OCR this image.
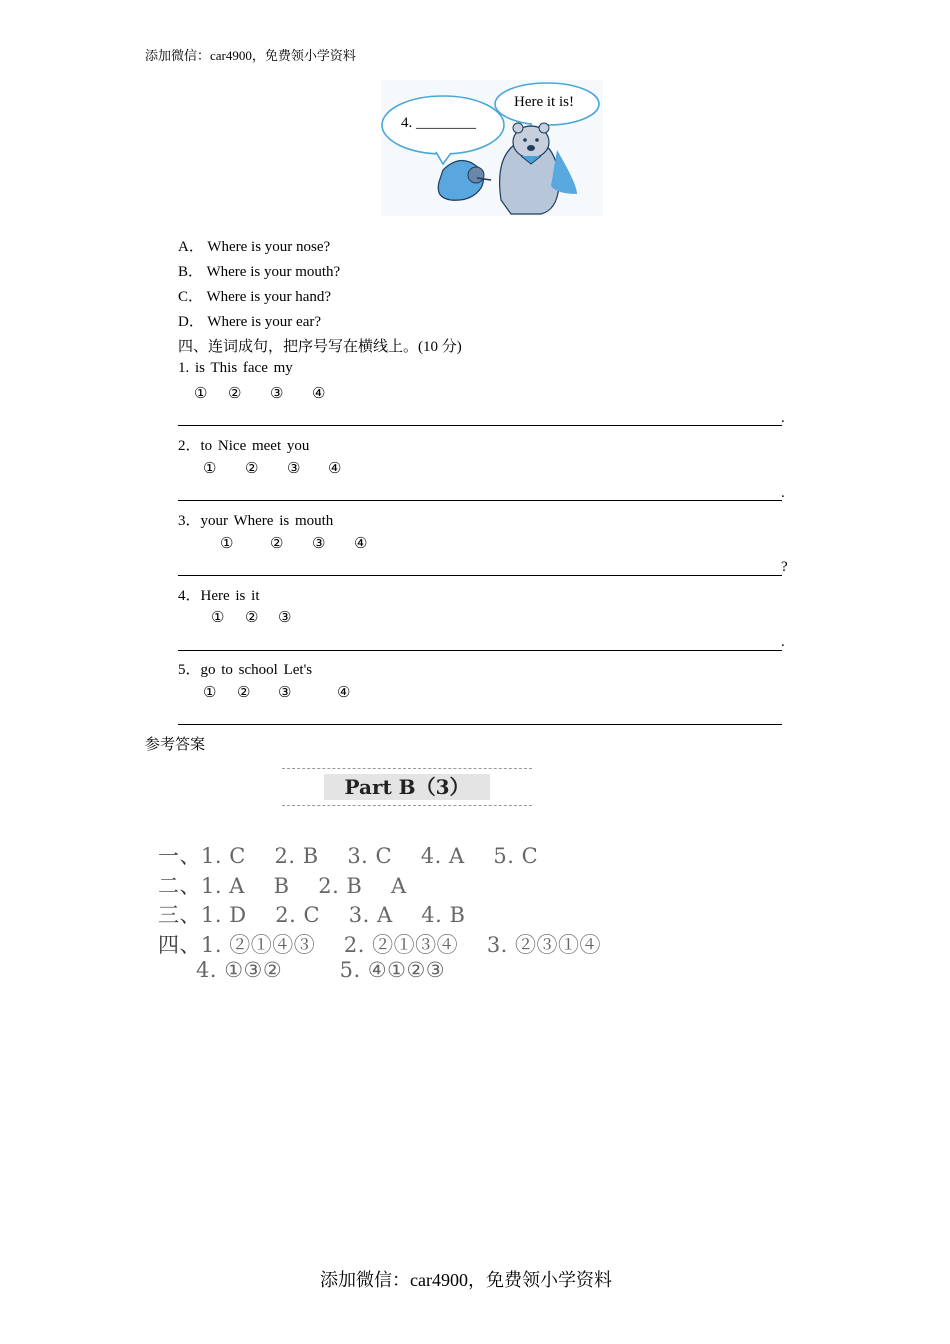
添加微信：car4900，免费领小学资料
4. ________
Here it is!
A． Where is your nose?
B． Where is your mouth?
C． Where is your hand?
D． Where is your ear?
四、连词成句，把序号写在横线上。(10 分)
1. is This face my
① ② ③ ④
.
2．to Nice meet you
① ② ③ ④
.
3．your Where is mouth
① ② ③ ④
?
4．Here is it
① ② ③
.
5．go to school Let's
① ② ③	④
参考答案
Part B（3）
一、1. C    2. B    3. C    4. A    5. C
二、1. A    B    2. B    A
三、1. D    2. C    3. A    4. B
四、1. ②①④③    2. ②①③④    3. ②③①④
4. ①③②        5. ④①②③
添加微信：car4900，免费领小学资料
